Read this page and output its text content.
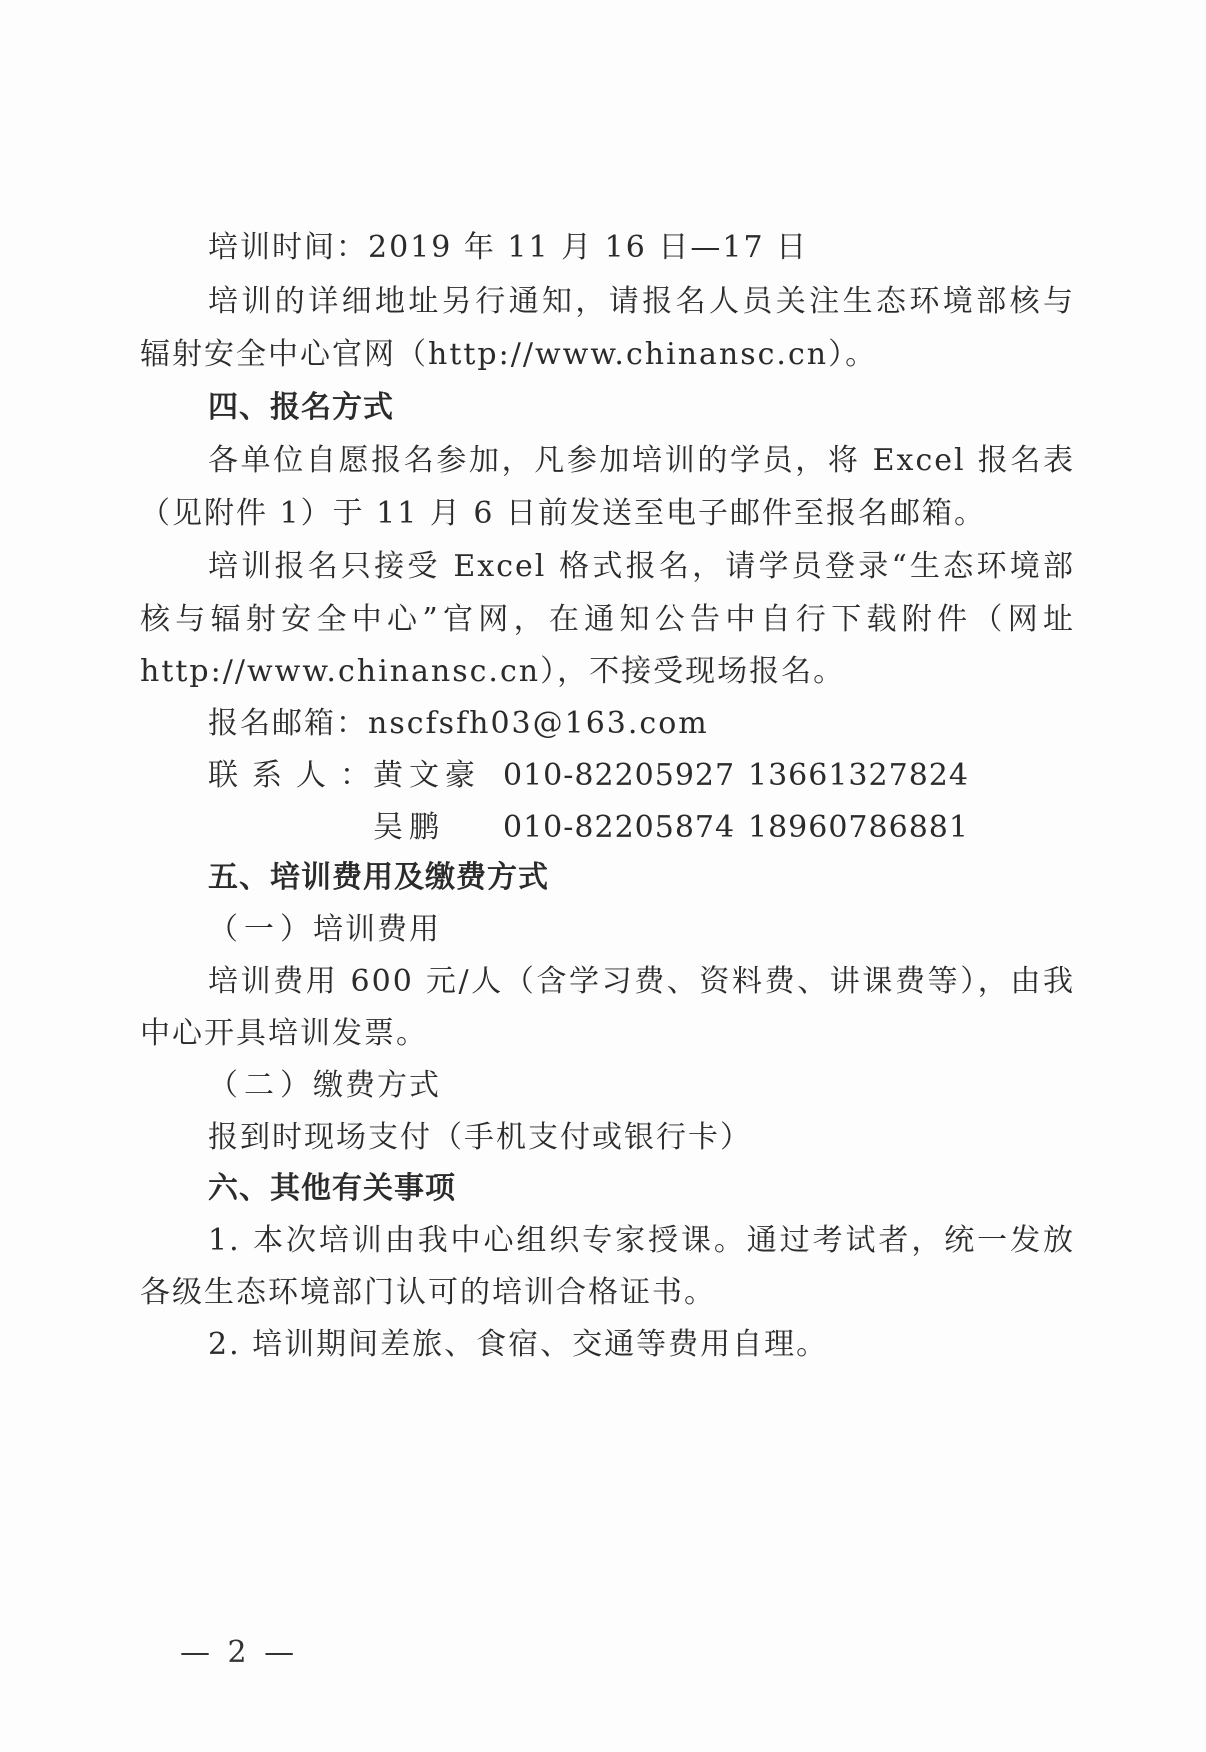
培训时间：2019 年 11 月 16 日—17 日
培训的详细地址另行通知，请报名人员关注生态环境部核与
辐射安全中心官网（http://www.chinansc.cn）。
四、报名方式
各单位自愿报名参加，凡参加培训的学员，将 Excel 报名表
（见附件 1）于 11 月 6 日前发送至电子邮件至报名邮箱。
培训报名只接受 Excel 格式报名，请学员登录“生态环境部
核与辐射安全中心”官网，在通知公告中自行下载附件（网址
http://www.chinansc.cn），不接受现场报名。
报名邮箱：nscfsfh03@163.com
联系人：黄文豪 010-82205927 13661327824
吴鹏 010-82205874 18960786881
五、培训费用及缴费方式
（一）培训费用
培训费用 600 元/人（含学习费、资料费、讲课费等），由我
中心开具培训发票。
（二）缴费方式
报到时现场支付（手机支付或银行卡）
六、其他有关事项
1. 本次培训由我中心组织专家授课。通过考试者，统一发放
各级生态环境部门认可的培训合格证书。
2. 培训期间差旅、食宿、交通等费用自理。
— 2 —
